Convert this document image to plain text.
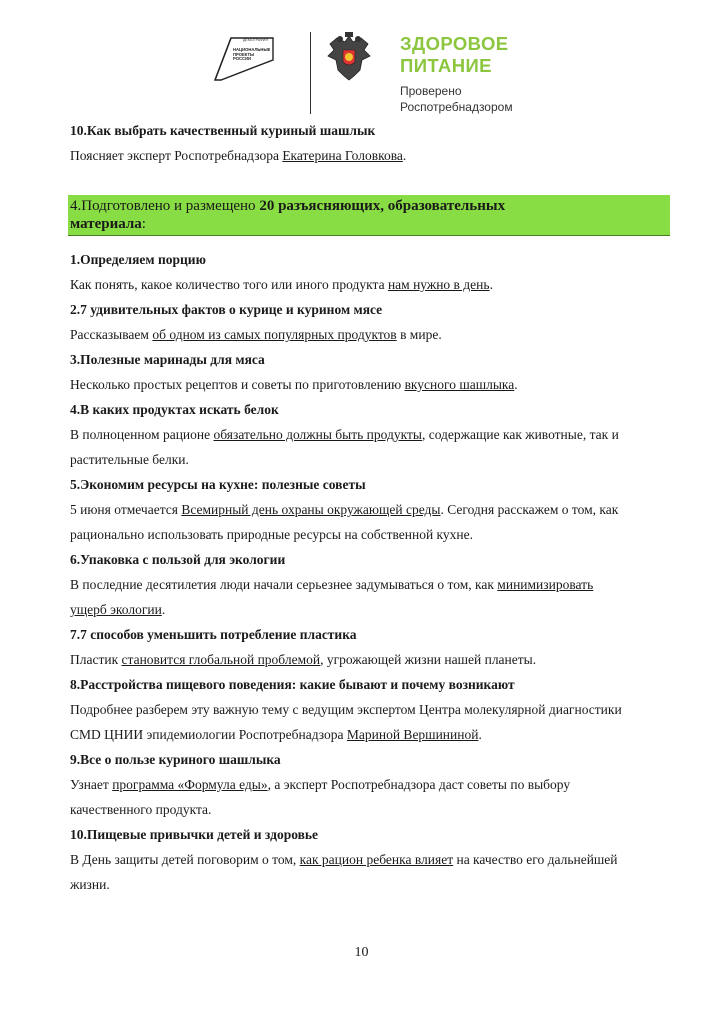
ДЕМОГРАФИЯ
НАЦИОНАЛЬНЫЕ
ПРОЕКТЫ
РОССИИ
ЗДОРОВОЕ
ПИТАНИЕ
Проверено
Роспотребнадзором

10.Как выбрать качественный куриный шашлык

Поясняет эксперт Роспотребнадзора Екатерина Головкова.

4.Подготовлено и размещено 20 разъясняющих, образовательных
материала:

1.Определяем порцию

Как понять, какое количество того или иного продукта нам нужно в день.

2.7 удивительных фактов о курице и курином мясе

Рассказываем об одном из самых популярных продуктов в мире.

3.Полезные маринады для мяса

Несколько простых рецептов и советы по приготовлению вкусного шашлыка.

4.В каких продуктах искать белок

В полноценном рационе обязательно должны быть продукты, содержащие как животные, так и

растительные белки.

5.Экономим ресурсы на кухне: полезные советы

5 июня отмечается Всемирный день охраны окружающей среды. Сегодня расскажем о том, как

рационально использовать природные ресурсы на собственной кухне.

6.Упаковка с пользой для экологии

В последние десятилетия люди начали серьезнее задумываться о том, как минимизировать

ущерб экологии.

7.7 способов уменьшить потребление пластика

Пластик становится глобальной проблемой, угрожающей жизни нашей планеты.

8.Расстройства пищевого поведения: какие бывают и почему возникают

Подробнее разберем эту важную тему с ведущим экспертом Центра молекулярной диагностики

CMD ЦНИИ эпидемиологии Роспотребнадзора Мариной Вершининой.

9.Все о пользе куриного шашлыка

Узнает программа «Формула еды», а эксперт Роспотребнадзора даст советы по выбору

качественного продукта.

10.Пищевые привычки детей и здоровье

В День защиты детей поговорим о том, как рацион ребенка влияет на качество его дальнейшей

жизни.

10
